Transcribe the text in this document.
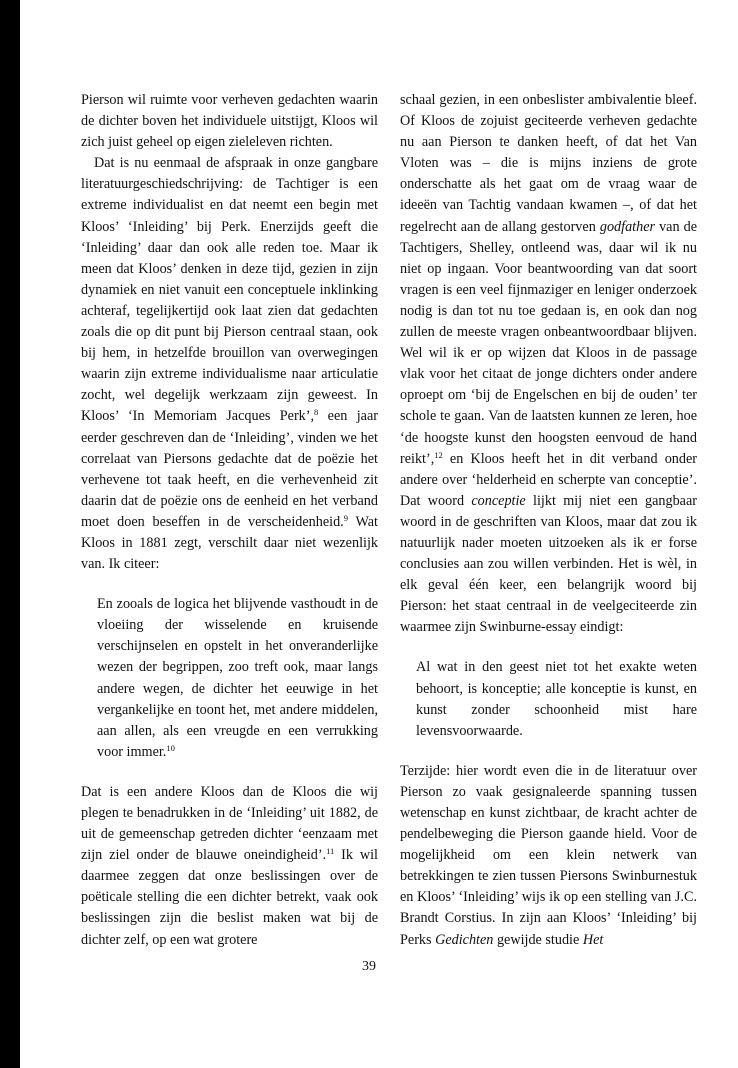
Pierson wil ruimte voor verheven gedachten waarin de dichter boven het individuele uitstijgt, Kloos wil zich juist geheel op eigen zieleleven richten.

Dat is nu eenmaal de afspraak in onze gangbare literatuurgeschiedschrijving: de Tachtiger is een extreme individualist en dat neemt een begin met Kloos’ ‘Inleiding’ bij Perk. Enerzijds geeft die ‘Inleiding’ daar dan ook alle reden toe. Maar ik meen dat Kloos’ denken in deze tijd, gezien in zijn dynamiek en niet vanuit een conceptuele inklinking achteraf, tegelijkertijd ook laat zien dat gedachten zoals die op dit punt bij Pierson centraal staan, ook bij hem, in hetzelfde brouillon van overwegingen waarin zijn extreme individualisme naar articulatie zocht, wel degelijk werkzaam zijn geweest. In Kloos’ ‘In Memoriam Jacques Perk’,$^8$ een jaar eerder geschreven dan de ‘Inleiding’, vinden we het correlaat van Piersons gedachte dat de poëzie het verhevene tot taak heeft, en die verhevenheid zit daarin dat de poëzie ons de eenheid en het verband moet doen beseffen in de verscheidenheid.$^9$ Wat Kloos in 1881 zegt, verschilt daar niet wezenlijk van. Ik citeer:

En zooals de logica het blijvende vasthoudt in de vloeiing der wisselende en kruisende verschijnselen en opstelt in het onveranderlijke wezen der begrippen, zoo treft ook, maar langs andere wegen, de dichter het eeuwige in het vergankelijke en toont het, met andere middelen, aan allen, als een vreugde en een verrukking voor immer.$^{10}$

Dat is een andere Kloos dan de Kloos die wij plegen te benadrukken in de ‘Inleiding’ uit 1882, de uit de gemeenschap getreden dichter ‘eenzaam met zijn ziel onder de blauwe oneindigheid’.$^{11}$ Ik wil daarmee zeggen dat onze beslissingen over de poëticale stelling die een dichter betrekt, vaak ook beslissingen zijn die beslist maken wat bij de dichter zelf, op een wat grotere

schaal gezien, in een onbeslister ambivalentie bleef. Of Kloos de zojuist geciteerde verheven gedachte nu aan Pierson te danken heeft, of dat het Van Vloten was – die is mijns inziens de grote onderschatte als het gaat om de vraag waar de ideeën van Tachtig vandaan kwamen –, of dat het regelrecht aan de allang gestorven godfather van de Tachtigers, Shelley, ontleend was, daar wil ik nu niet op ingaan. Voor beantwoording van dat soort vragen is een veel fijnmaziger en leniger onderzoek nodig is dan tot nu toe gedaan is, en ook dan nog zullen de meeste vragen onbeantwoordbaar blijven. Wel wil ik er op wijzen dat Kloos in de passage vlak voor het citaat de jonge dichters onder andere oproept om ‘bij de Engelschen en bij de ouden’ ter schole te gaan. Van de laatsten kunnen ze leren, hoe ‘de hoogste kunst den hoogsten eenvoud de hand reikt’,$^{12}$ en Kloos heeft het in dit verband onder andere over ‘helderheid en scherpte van conceptie’. Dat woord conceptie lijkt mij niet een gangbaar woord in de geschriften van Kloos, maar dat zou ik natuurlijk nader moeten uitzoeken als ik er forse conclusies aan zou willen verbinden. Het is wèl, in elk geval één keer, een belangrijk woord bij Pierson: het staat centraal in de veelgeciteerde zin waarmee zijn Swinburne-essay eindigt:

Al wat in den geest niet tot het exakte weten behoort, is konceptie; alle konceptie is kunst, en kunst zonder schoonheid mist hare levensvoorwaarde.

Terzijde: hier wordt even die in de literatuur over Pierson zo vaak gesignaleerde spanning tussen wetenschap en kunst zichtbaar, de kracht achter de pendelbeweging die Pierson gaande hield. Voor de mogelijkheid om een klein netwerk van betrekkingen te zien tussen Piersons Swinburnestuk en Kloos’ ‘Inleiding’ wijs ik op een stelling van J.C. Brandt Corstius. In zijn aan Kloos’ ‘Inleiding’ bij Perks Gedichten gewijde studie Het

39
